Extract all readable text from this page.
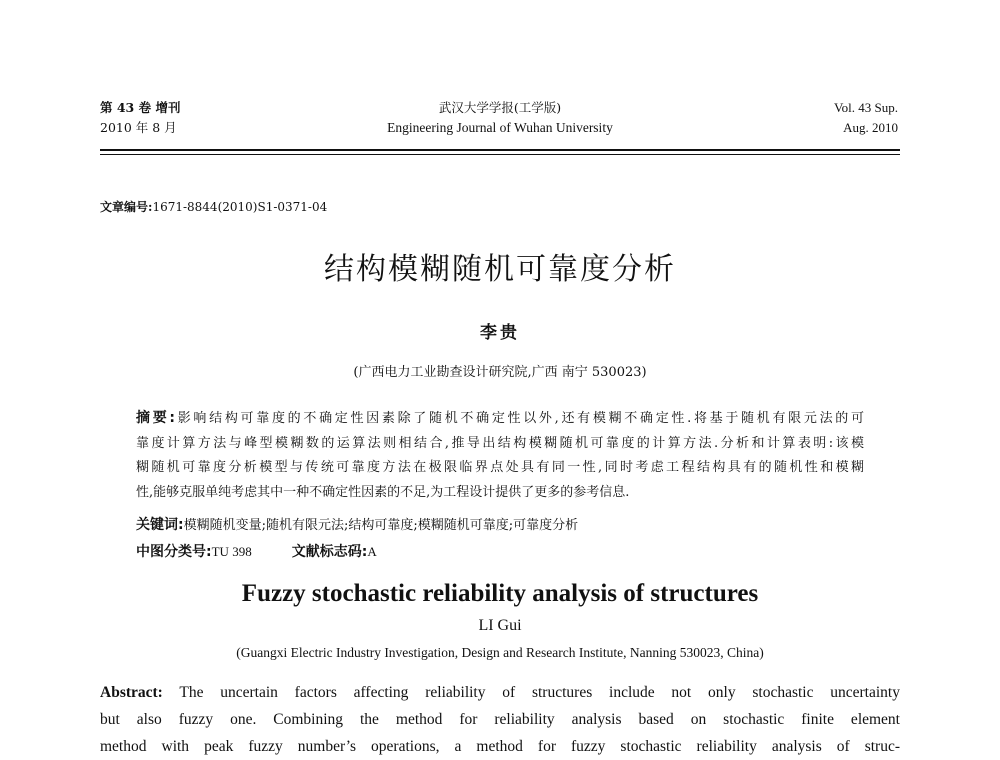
第 43 卷 增刊
2010 年 8 月
武汉大学学报(工学版)
Engineering Journal of Wuhan University
Vol. 43 Sup.
Aug. 2010
文章编号:1671-8844(2010)S1-0371-04
结构模糊随机可靠度分析
李贵
(广西电力工业勘查设计研究院,广西 南宁 530023)
摘要:影响结构可靠度的不确定性因素除了随机不确定性以外,还有模糊不确定性.将基于随机有限元法的可
靠度计算方法与峰型模糊数的运算法则相结合,推导出结构模糊随机可靠度的计算方法.分析和计算表明:该模
糊随机可靠度分析模型与传统可靠度方法在极限临界点处具有同一性,同时考虑工程结构具有的随机性和模糊
性,能够克服单纯考虑其中一种不确定性因素的不足,为工程设计提供了更多的参考信息.
关键词:模糊随机变量;随机有限元法;结构可靠度;模糊随机可靠度;可靠度分析
中图分类号:TU 398	文献标志码:A
Fuzzy stochastic reliability analysis of structures
LI Gui
(Guangxi Electric Industry Investigation, Design and Research Institute, Nanning 530023, China)
Abstract: The uncertain factors affecting reliability of structures include not only stochastic uncertainty
but also fuzzy one. Combining the method for reliability analysis based on stochastic finite element
method with peak fuzzy number’s operations, a method for fuzzy stochastic reliability analysis of struc-
